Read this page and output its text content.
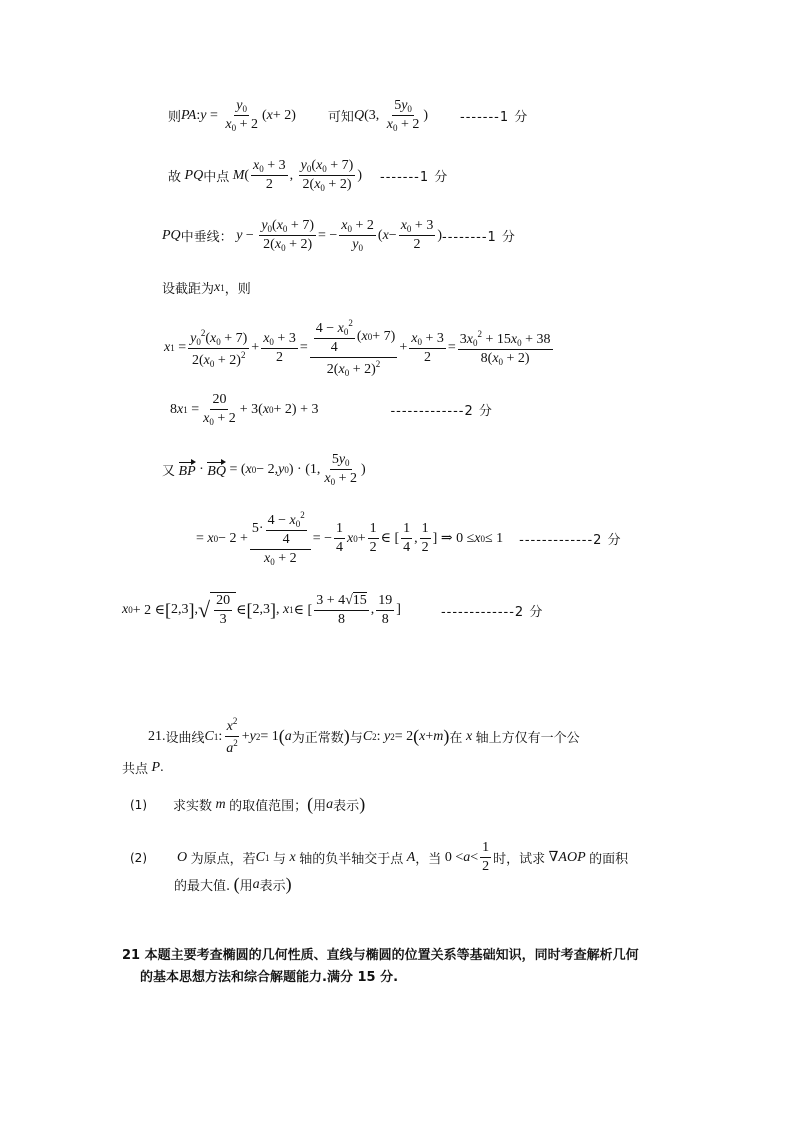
则 PA : $y = \frac{y_0}{x_0 + 2}$ ( x + 2) 可知 Q (3, $\frac{5y_0}{x_0 + 2}$ ) -------1 分
故
PQ 中点
M ( $\frac{x_0 + 3}{2}$ , $\frac{y_0(x_0 + 7)}{2(x_0 + 2)}$ ) -------1 分
PQ 中垂线：
$y - \frac{y_0(x_0 + 7)}{2(x_0 + 2)}$ = − $\frac{x_0 + 2}{y_0}$ ( $x - \frac{x_0 + 3}{2}$ ) --------1 分
设截距为 x 1 ，则
x $1 = \frac{y_0^2(x_0 + 7)}{2(x_0 + 2)^2} + \frac{x_0 + 3}{2} = \frac{\frac{4 - x_0^2}{4} ( x 0 + 7)}{2(x_0 + 2)^2} + \frac{x_0 + 3}{2} = \frac{3x_0^2 + 15x_0 + 38}{8(x_0 + 2)}$
8 x $1 = \frac{20}{x_0 + 2} + 3$( x 0 + 2) + 3	-------------2 分
又
BP · BQ = ( x 0 − 2, y 0 ) · (1, $\frac{5y_0}{x_0 + 2}$ )
= x $0 - 2 + \frac{5\cdot \frac{4 - x_0^2}{4}}{x_0 + 2}$ = − $\frac{1}{4}$ x $0 + \frac{1}{2}$ ∈ [ $\frac{1}{4}$ , $\frac{1}{2}$ ] ⇒ 0 ≤ x 0 ≤ 1 -------------2 分
x 0 + 2 ∈ [ 2,3 ] , √ $\frac{20}{3}$ ∈ [ 2,3 ] , x 1 ∈ [ $\frac{3 + 4√15}{8}$ , $\frac{19}{8}$ ]	-------------2 分
21. 设曲线 C 1 : $\frac{x^2}{a^2} + y$ 2 = 1 ( a 为正常数 ) 与 C 2 : y 2 = 2 ( x + m ) 在
x
轴上方仅有一个公
共点
P .
(1) 求实数 m 的取值范围； ( 用 a 表示 )
(2) O
为原点，若 C 1
与
x
轴的负半轴交于点
A ，当 $0 < a < \frac{1}{2}$ 时，试求 ∇ AOP
的面积
的最大值.
( 用 a 表示 )
21 本题主要考查椭圆的几何性质、直线与椭圆的位置关系等基础知识，同时考查解析几何
的基本思想方法和综合解题能力.满分 15 分.
